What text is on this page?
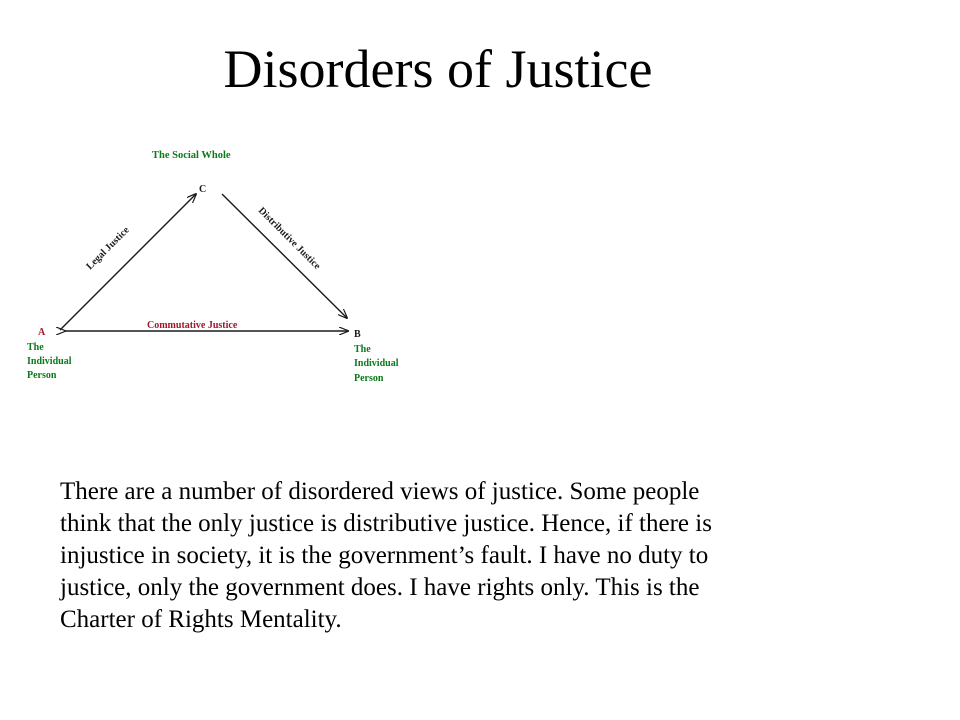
Disorders of Justice
The Social Whole
C
A	B
Legal Justice	Distributive Justice
Commutative Justice
The
Individual
Person
The
Individual
Person
There are a number of disordered views of justice. Some people
think that the only justice is distributive justice. Hence, if there is
injustice in society, it is the government’s fault. I have no duty to
justice, only the government does. I have rights only. This is the
Charter of Rights Mentality.
